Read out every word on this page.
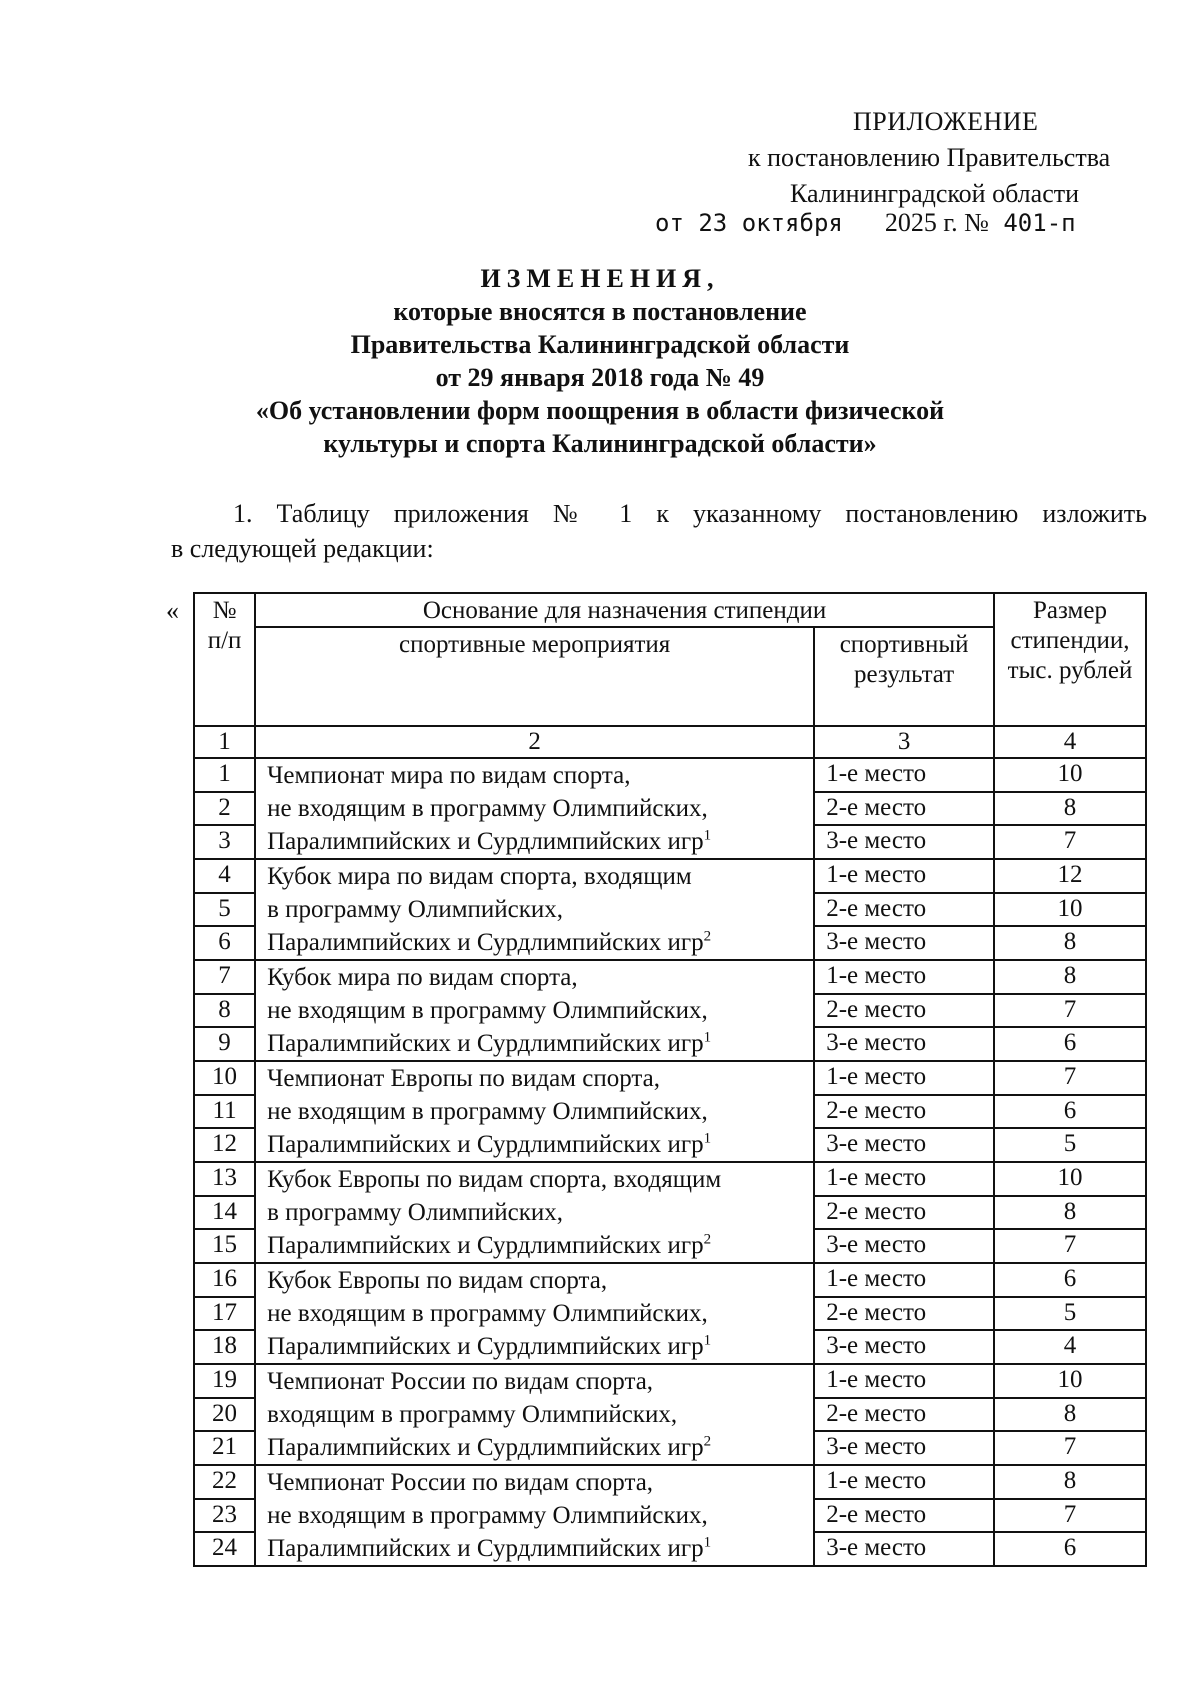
ПРИЛОЖЕНИЕ
к постановлению Правительства
Калининградской области
от 23 октября 2025 г. № 401-п
ИЗМЕНЕНИЯ,
которые вносятся в постановление
Правительства Калининградской области
от 29 января 2018 года № 49
«Об установлении форм поощрения в области физической
культуры и спорта Калининградской области»
1. Таблицу приложения № 1 к указанному постановлению изложить
в следующей редакции:
« № п/п	Основание для назначения стипендии		Размер стипендии, тыс. рублей
	спортивные мероприятия	спортивный результат	
1	2	3	4
1	Чемпионат мира по видам спорта,
не входящим в программу Олимпийских,
Паралимпийских и Сурдлимпийских игр$^1$	1-е место	10
2		2-е место	8
3		3-е место	7
4	Кубок мира по видам спорта, входящим
в программу Олимпийских,
Паралимпийских и Сурдлимпийских игр$^2$	1-е место	12
5		2-е место	10
6		3-е место	8
7	Кубок мира по видам спорта,
не входящим в программу Олимпийских,
Паралимпийских и Сурдлимпийских игр$^1$	1-е место	8
8		2-е место	7
9		3-е место	6
10	Чемпионат Европы по видам спорта,
не входящим в программу Олимпийских,
Паралимпийских и Сурдлимпийских игр$^1$	1-е место	7
11		2-е место	6
12		3-е место	5
13	Кубок Европы по видам спорта, входящим
в программу Олимпийских,
Паралимпийских и Сурдлимпийских игр$^2$	1-е место	10
14		2-е место	8
15		3-е место	7
16	Кубок Европы по видам спорта,
не входящим в программу Олимпийских,
Паралимпийских и Сурдлимпийских игр$^1$	1-е место	6
17		2-е место	5
18		3-е место	4
19	Чемпионат России по видам спорта,
входящим в программу Олимпийских,
Паралимпийских и Сурдлимпийских игр$^2$	1-е место	10
20		2-е место	8
21		3-е место	7
22	Чемпионат России по видам спорта,
не входящим в программу Олимпийских,
Паралимпийских и Сурдлимпийских игр$^1$	1-е место	8
23		2-е место	7
24		3-е место	6
